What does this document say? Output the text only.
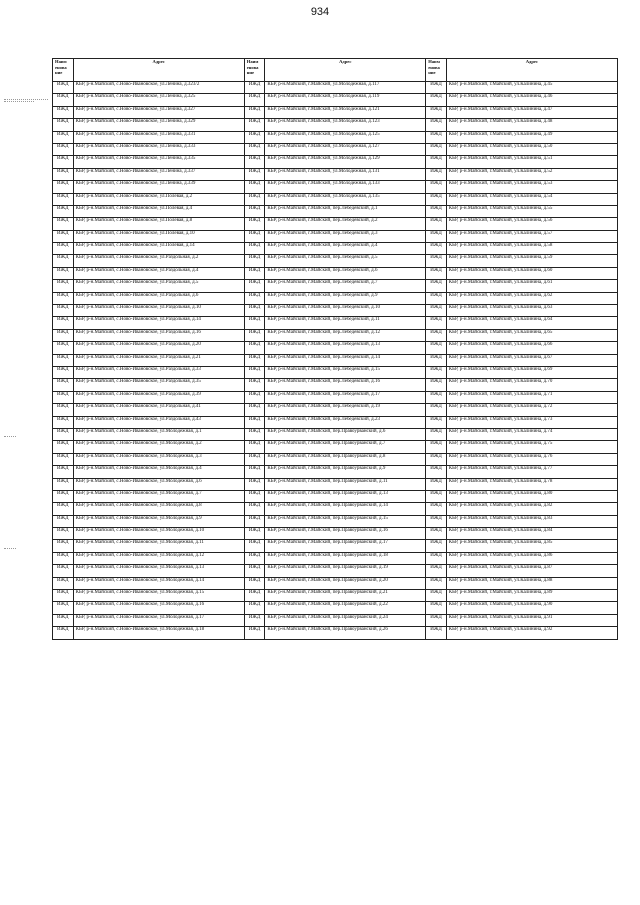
934
Наим енова ние	Адрес	Наим енова ние	Адрес	Наим енова ние	Адрес
ИЖД	КБР, р-н.Майский, с.Ново-Ивановское, ул.Ленина, д.323/2	ИЖД	КБР, р-н.Майский, г.Майский, ул.Молодежная, д.117	ИЖД	КБР, р-н.Майский, г.Майский, ул.Калинина, д.45
ИЖД	КБР, р-н.Майский, с.Ново-Ивановское, ул.Ленина, д.325	ИЖД	КБР, р-н.Майский, г.Майский, ул.Молодежная, д.119	ИЖД	КБР, р-н.Майский, г.Майский, ул.Калинина, д.46
ИЖД	КБР, р-н.Майский, с.Ново-Ивановское, ул.Ленина, д.327	ИЖД	КБР, р-н.Майский, г.Майский, ул.Молодежная, д.121	ИЖД	КБР, р-н.Майский, г.Майский, ул.Калинина, д.47
ИЖД	КБР, р-н.Майский, с.Ново-Ивановское, ул.Ленина, д.329	ИЖД	КБР, р-н.Майский, г.Майский, ул.Молодежная, д.123	ИЖД	КБР, р-н.Майский, г.Майский, ул.Калинина, д.48
ИЖД	КБР, р-н.Майский, с.Ново-Ивановское, ул.Ленина, д.331	ИЖД	КБР, р-н.Майский, г.Майский, ул.Молодежная, д.125	ИЖД	КБР, р-н.Майский, г.Майский, ул.Калинина, д.49
ИЖД	КБР, р-н.Майский, с.Ново-Ивановское, ул.Ленина, д.333	ИЖД	КБР, р-н.Майский, г.Майский, ул.Молодежная, д.127	ИЖД	КБР, р-н.Майский, г.Майский, ул.Калинина, д.50
ИЖД	КБР, р-н.Майский, с.Ново-Ивановское, ул.Ленина, д.335	ИЖД	КБР, р-н.Майский, г.Майский, ул.Молодежная, д.129	ИЖД	КБР, р-н.Майский, г.Майский, ул.Калинина, д.51
ИЖД	КБР, р-н.Майский, с.Ново-Ивановское, ул.Ленина, д.337	ИЖД	КБР, р-н.Майский, г.Майский, ул.Молодежная, д.131	ИЖД	КБР, р-н.Майский, г.Майский, ул.Калинина, д.52
ИЖД	КБР, р-н.Майский, с.Ново-Ивановское, ул.Ленина, д.339	ИЖД	КБР, р-н.Майский, г.Майский, ул.Молодежная, д.133	ИЖД	КБР, р-н.Майский, г.Майский, ул.Калинина, д.53
ИЖД	КБР, р-н.Майский, с.Ново-Ивановское, ул.Полевая, д.2	ИЖД	КБР, р-н.Майский, г.Майский, ул.Молодежная, д.135	ИЖД	КБР, р-н.Майский, г.Майский, ул.Калинина, д.54
ИЖД	КБР, р-н.Майский, с.Ново-Ивановское, ул.Полевая, д.4	ИЖД	КБР, р-н.Майский, г.Майский, пер.Лебедевский, д.1	ИЖД	КБР, р-н.Майский, г.Майский, ул.Калинина, д.55
ИЖД	КБР, р-н.Майский, с.Ново-Ивановское, ул.Полевая, д.8	ИЖД	КБР, р-н.Майский, г.Майский, пер.Лебедевский, д.2	ИЖД	КБР, р-н.Майский, г.Майский, ул.Калинина, д.56
ИЖД	КБР, р-н.Майский, с.Ново-Ивановское, ул.Полевая, д.10	ИЖД	КБР, р-н.Майский, г.Майский, пер.Лебедевский, д.3	ИЖД	КБР, р-н.Майский, г.Майский, ул.Калинина, д.57
ИЖД	КБР, р-н.Майский, с.Ново-Ивановское, ул.Полевая, д.14	ИЖД	КБР, р-н.Майский, г.Майский, пер.Лебедевский, д.4	ИЖД	КБР, р-н.Майский, г.Майский, ул.Калинина, д.58
ИЖД	КБР, р-н.Майский, с.Ново-Ивановское, ул.Раздольная, д.2	ИЖД	КБР, р-н.Майский, г.Майский, пер.Лебедевский, д.5	ИЖД	КБР, р-н.Майский, г.Майский, ул.Калинина, д.59
ИЖД	КБР, р-н.Майский, с.Ново-Ивановское, ул.Раздольная, д.4	ИЖД	КБР, р-н.Майский, г.Майский, пер.Лебедевский, д.6	ИЖД	КБР, р-н.Майский, г.Майский, ул.Калинина, д.60
ИЖД	КБР, р-н.Майский, с.Ново-Ивановское, ул.Раздольная, д.5	ИЖД	КБР, р-н.Майский, г.Майский, пер.Лебедевский, д.7	ИЖД	КБР, р-н.Майский, г.Майский, ул.Калинина, д.61
ИЖД	КБР, р-н.Майский, с.Ново-Ивановское, ул.Раздольная, д.6	ИЖД	КБР, р-н.Майский, г.Майский, пер.Лебедевский, д.9	ИЖД	КБР, р-н.Майский, г.Майский, ул.Калинина, д.62
ИЖД	КБР, р-н.Майский, с.Ново-Ивановское, ул.Раздольная, д.10	ИЖД	КБР, р-н.Майский, г.Майский, пер.Лебедевский, д.10	ИЖД	КБР, р-н.Майский, г.Майский, ул.Калинина, д.63
ИЖД	КБР, р-н.Майский, с.Ново-Ивановское, ул.Раздольная, д.14	ИЖД	КБР, р-н.Майский, г.Майский, пер.Лебедевский, д.11	ИЖД	КБР, р-н.Майский, г.Майский, ул.Калинина, д.64
ИЖД	КБР, р-н.Майский, с.Ново-Ивановское, ул.Раздольная, д.16	ИЖД	КБР, р-н.Майский, г.Майский, пер.Лебедевский, д.12	ИЖД	КБР, р-н.Майский, г.Майский, ул.Калинина, д.65
ИЖД	КБР, р-н.Майский, с.Ново-Ивановское, ул.Раздольная, д.20	ИЖД	КБР, р-н.Майский, г.Майский, пер.Лебедевский, д.13	ИЖД	КБР, р-н.Майский, г.Майский, ул.Калинина, д.66
ИЖД	КБР, р-н.Майский, с.Ново-Ивановское, ул.Раздольная, д.21	ИЖД	КБР, р-н.Майский, г.Майский, пер.Лебедевский, д.14	ИЖД	КБР, р-н.Майский, г.Майский, ул.Калинина, д.67
ИЖД	КБР, р-н.Майский, с.Ново-Ивановское, ул.Раздольная, д.33	ИЖД	КБР, р-н.Майский, г.Майский, пер.Лебедевский, д.15	ИЖД	КБР, р-н.Майский, г.Майский, ул.Калинина, д.69
ИЖД	КБР, р-н.Майский, с.Ново-Ивановское, ул.Раздольная, д.35	ИЖД	КБР, р-н.Майский, г.Майский, пер.Лебедевский, д.16	ИЖД	КБР, р-н.Майский, г.Майский, ул.Калинина, д.70
ИЖД	КБР, р-н.Майский, с.Ново-Ивановское, ул.Раздольная, д.39	ИЖД	КБР, р-н.Майский, г.Майский, пер.Лебедевский, д.17	ИЖД	КБР, р-н.Майский, г.Майский, ул.Калинина, д.71
ИЖД	КБР, р-н.Майский, с.Ново-Ивановское, ул.Раздольная, д.41	ИЖД	КБР, р-н.Майский, г.Майский, пер.Лебедевский, д.19	ИЖД	КБР, р-н.Майский, г.Майский, ул.Калинина, д.72
ИЖД	КБР, р-н.Майский, с.Ново-Ивановское, ул.Раздольная, д.43	ИЖД	КБР, р-н.Майский, г.Майский, пер.Лебедевский, д.23	ИЖД	КБР, р-н.Майский, г.Майский, ул.Калинина, д.73
ИЖД	КБР, р-н.Майский, с.Ново-Ивановское, ул.Молодежная, д.1	ИЖД	КБР, р-н.Майский, г.Майский, пер.Правоурванский, д.6	ИЖД	КБР, р-н.Майский, г.Майский, ул.Калинина, д.74
ИЖД	КБР, р-н.Майский, с.Ново-Ивановское, ул.Молодежная, д.2	ИЖД	КБР, р-н.Майский, г.Майский, пер.Правоурванский, д.7	ИЖД	КБР, р-н.Майский, г.Майский, ул.Калинина, д.75
ИЖД	КБР, р-н.Майский, с.Ново-Ивановское, ул.Молодежная, д.3	ИЖД	КБР, р-н.Майский, г.Майский, пер.Правоурванский, д.8	ИЖД	КБР, р-н.Майский, г.Майский, ул.Калинина, д.76
ИЖД	КБР, р-н.Майский, с.Ново-Ивановское, ул.Молодежная, д.4	ИЖД	КБР, р-н.Майский, г.Майский, пер.Правоурванский, д.9	ИЖД	КБР, р-н.Майский, г.Майский, ул.Калинина, д.77
ИЖД	КБР, р-н.Майский, с.Ново-Ивановское, ул.Молодежная, д.6	ИЖД	КБР, р-н.Майский, г.Майский, пер.Правоурванский, д.11	ИЖД	КБР, р-н.Майский, г.Майский, ул.Калинина, д.78
ИЖД	КБР, р-н.Майский, с.Ново-Ивановское, ул.Молодежная, д.7	ИЖД	КБР, р-н.Майский, г.Майский, пер.Правоурванский, д.13	ИЖД	КБР, р-н.Майский, г.Майский, ул.Калинина, д.80
ИЖД	КБР, р-н.Майский, с.Ново-Ивановское, ул.Молодежная, д.8	ИЖД	КБР, р-н.Майский, г.Майский, пер.Правоурванский, д.14	ИЖД	КБР, р-н.Майский, г.Майский, ул.Калинина, д.82
ИЖД	КБР, р-н.Майский, с.Ново-Ивановское, ул.Молодежная, д.9	ИЖД	КБР, р-н.Майский, г.Майский, пер.Правоурванский, д.15	ИЖД	КБР, р-н.Майский, г.Майский, ул.Калинина, д.83
ИЖД	КБР, р-н.Майский, с.Ново-Ивановское, ул.Молодежная, д.10	ИЖД	КБР, р-н.Майский, г.Майский, пер.Правоурванский, д.16	ИЖД	КБР, р-н.Майский, г.Майский, ул.Калинина, д.84
ИЖД	КБР, р-н.Майский, с.Ново-Ивановское, ул.Молодежная, д.11	ИЖД	КБР, р-н.Майский, г.Майский, пер.Правоурванский, д.17	ИЖД	КБР, р-н.Майский, г.Майский, ул.Калинина, д.85
ИЖД	КБР, р-н.Майский, с.Ново-Ивановское, ул.Молодежная, д.12	ИЖД	КБР, р-н.Майский, г.Майский, пер.Правоурванский, д.18	ИЖД	КБР, р-н.Майский, г.Майский, ул.Калинина, д.86
ИЖД	КБР, р-н.Майский, с.Ново-Ивановское, ул.Молодежная, д.13	ИЖД	КБР, р-н.Майский, г.Майский, пер.Правоурванский, д.19	ИЖД	КБР, р-н.Майский, г.Майский, ул.Калинина, д.87
ИЖД	КБР, р-н.Майский, с.Ново-Ивановское, ул.Молодежная, д.14	ИЖД	КБР, р-н.Майский, г.Майский, пер.Правоурванский, д.20	ИЖД	КБР, р-н.Майский, г.Майский, ул.Калинина, д.88
ИЖД	КБР, р-н.Майский, с.Ново-Ивановское, ул.Молодежная, д.15	ИЖД	КБР, р-н.Майский, г.Майский, пер.Правоурванский, д.21	ИЖД	КБР, р-н.Майский, г.Майский, ул.Калинина, д.89
ИЖД	КБР, р-н.Майский, с.Ново-Ивановское, ул.Молодежная, д.16	ИЖД	КБР, р-н.Майский, г.Майский, пер.Правоурванский, д.22	ИЖД	КБР, р-н.Майский, г.Майский, ул.Калинина, д.90
ИЖД	КБР, р-н.Майский, с.Ново-Ивановское, ул.Молодежная, д.17	ИЖД	КБР, р-н.Майский, г.Майский, пер.Правоурванский, д.24	ИЖД	КБР, р-н.Майский, г.Майский, ул.Калинина, д.91
ИЖД	КБР, р-н.Майский, с.Ново-Ивановское, ул.Молодежная, д.18	ИЖД	КБР, р-н.Майский, г.Майский, пер.Правоурванский, д.26	ИЖД	КБР, р-н.Майский, г.Майский, ул.Калинина, д.92
